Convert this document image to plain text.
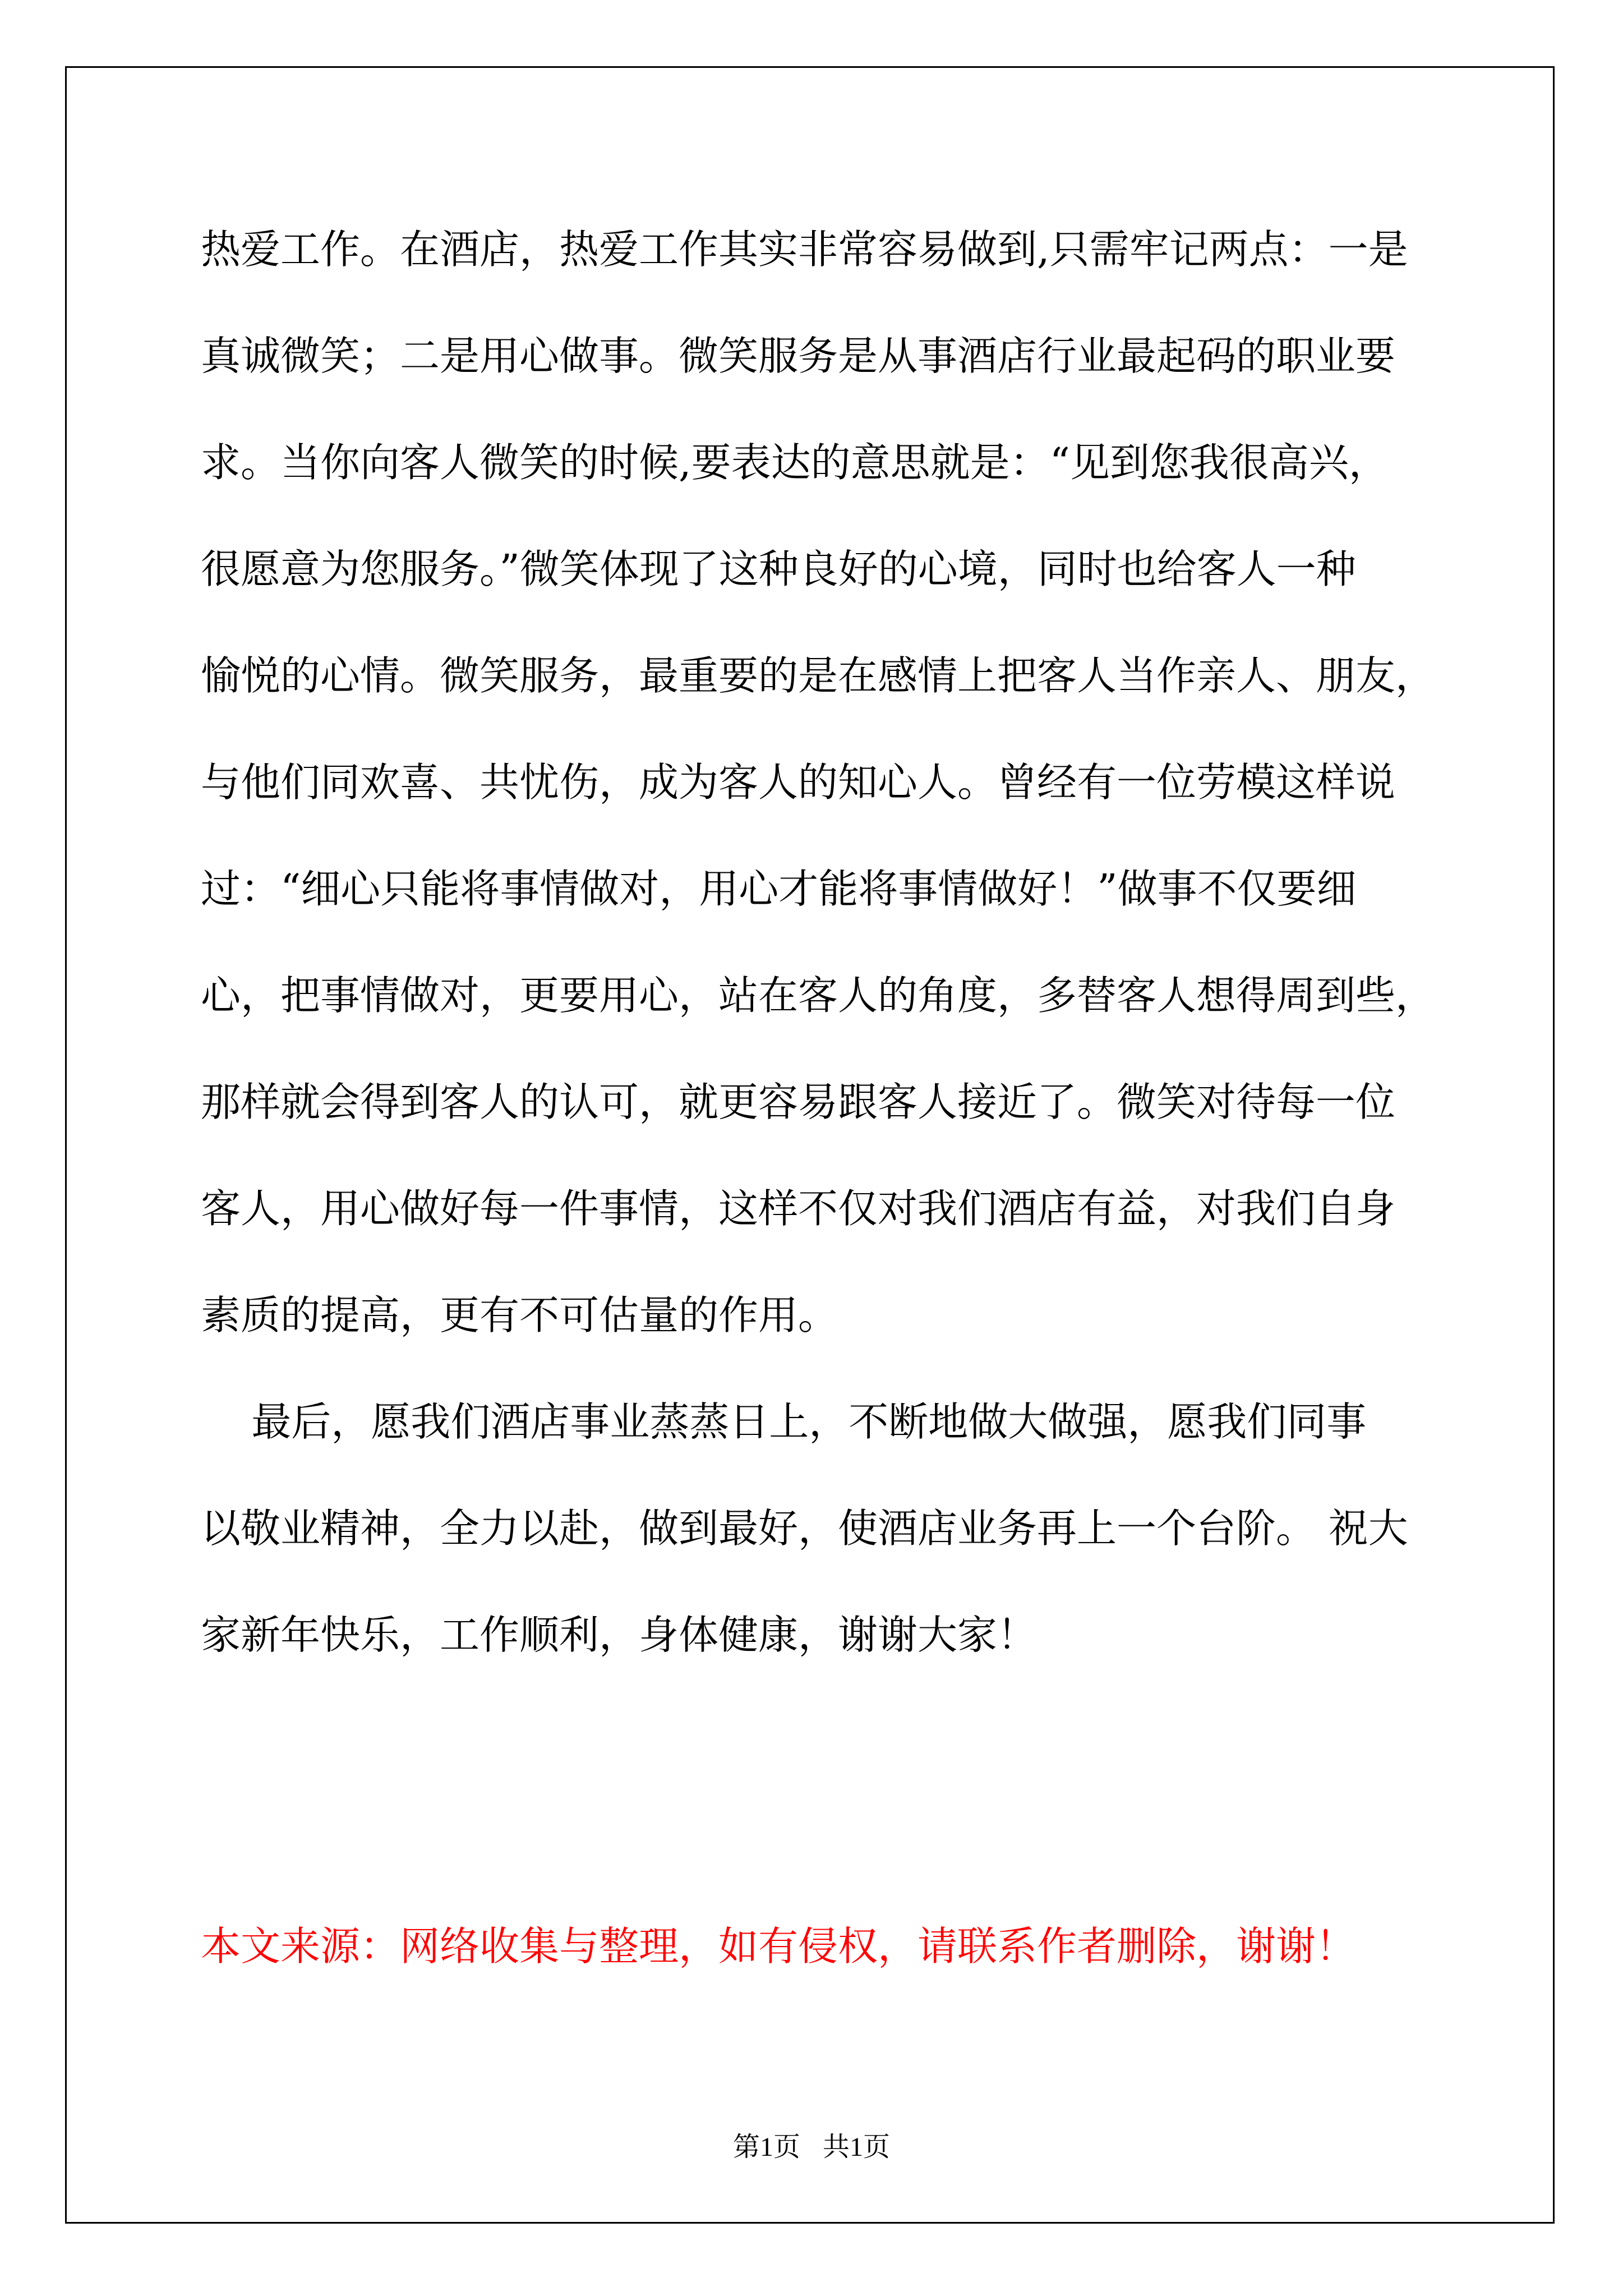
热爱工作。在酒店，热爱工作其实非常容易做到,只需牢记两点：一是
真诚微笑；二是用心做事。微笑服务是从事酒店行业最起码的职业要
求。当你向客人微笑的时候,要表达的意思就是：“见到您我很高兴，
很愿意为您服务。”微笑体现了这种良好的心境，同时也给客人一种
愉悦的心情。微笑服务，最重要的是在感情上把客人当作亲人、朋友，
与他们同欢喜、共忧伤，成为客人的知心人。曾经有一位劳模这样说
过：“细心只能将事情做对，用心才能将事情做好！”做事不仅要细
心，把事情做对，更要用心，站在客人的角度，多替客人想得周到些，
那样就会得到客人的认可，就更容易跟客人接近了。微笑对待每一位
客人，用心做好每一件事情，这样不仅对我们酒店有益，对我们自身
素质的提高，更有不可估量的作用。
最后，愿我们酒店事业蒸蒸日上，不断地做大做强，愿我们同事
以敬业精神，全力以赴，做到最好，使酒店业务再上一个台阶。 祝大
家新年快乐，工作顺利，身体健康，谢谢大家！
本文来源：网络收集与整理，如有侵权，请联系作者删除，谢谢！
第1页 共1页
